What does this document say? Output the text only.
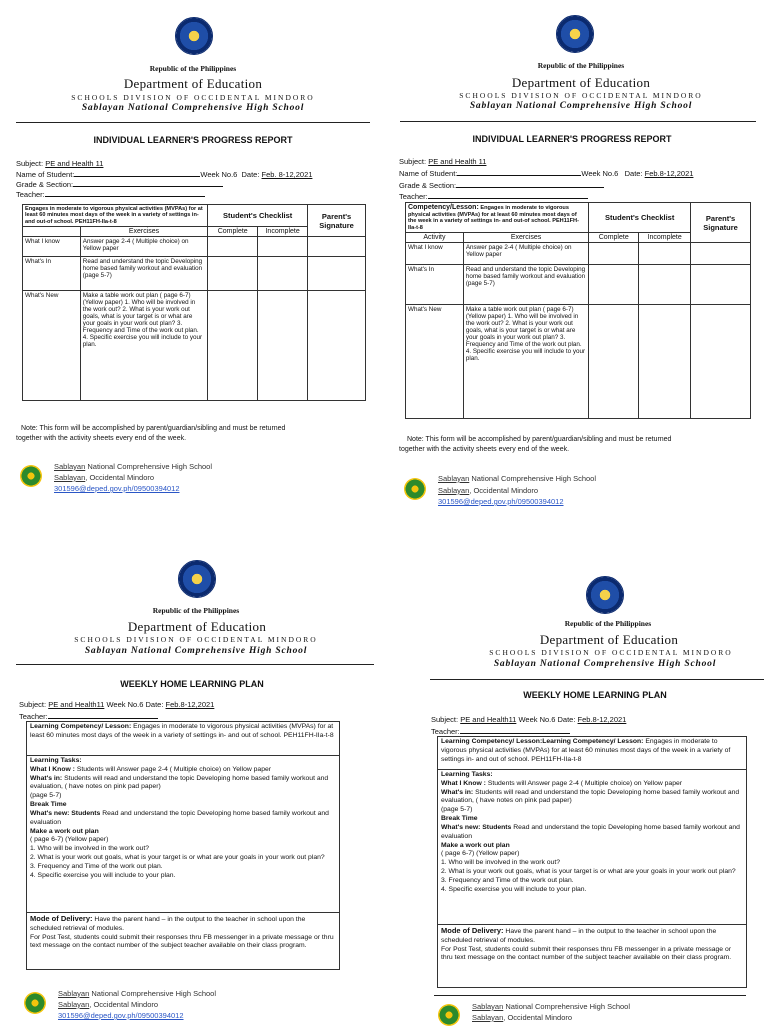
Republic of the Philippines
Department of Education
SCHOOLS DIVISION OF OCCIDENTAL MINDORO
Sablayan National Comprehensive High School
INDIVIDUAL LEARNER'S PROGRESS REPORT
Subject: PE and Health 11
Name of Student:	Week No.6 Date: Feb. 8-12,2021
Grade & Section:
Teacher:
Engages in moderate to vigorous physical activities (MVPAs) for at least 60 minutes most days of the week in a variety of settings in- and out-of school. PEH11FH-IIa-t-8		Student's Checklist		Parent's Signature
	Exercises	Complete	Incomplete	
What I know	Answer page 2-4 ( Multiple choice) on Yellow paper			
What's In	Read and understand the topic Developing home based family workout and evaluation (page 5-7)			
What's New	Make a table work out plan ( page 6-7) (Yellow paper) 1. Who will be involved in the work out? 2. What is your work out goals, what is your target is or what are your goals in your work out plan? 3. Frequency and Time of the work out plan. 4. Specific exercise you will include to your plan.			
Note: This form will be accomplished by parent/guardian/sibling and must be returned
together with the activity sheets every end of the week.
Sablayan National Comprehensive High School
Sablayan, Occidental Mindoro
301596@deped.gov.ph/09500394012
Republic of the Philippines
Department of Education
SCHOOLS DIVISION OF OCCIDENTAL MINDORO
Sablayan National Comprehensive High School
INDIVIDUAL LEARNER'S PROGRESS REPORT
Subject: PE and Health 11
Name of Student:	Week No.6 Date: Feb.8-12,2021
Grade & Section:
Teacher:
Competency/Lesson: Engages in moderate to vigorous physical activities (MVPAs) for at least 60 minutes most days of the week in a variety of settings in- and out-of school. PEH11FH-IIa-t-8		Student's Checklist		Parent's Signature
Activity	Exercises	Complete	Incomplete	
What I know	Answer page 2-4 ( Multiple choice) on Yellow paper			
What's In	Read and understand the topic Developing home based family workout and evaluation (page 5-7)			
What's New	Make a table work out plan ( page 6-7) (Yellow paper) 1. Who will be involved in the work out? 2. What is your work out goals, what is your target is or what are your goals in your work out plan? 3. Frequency and Time of the work out plan. 4. Specific exercise you will include to your plan.			
Note: This form will be accomplished by parent/guardian/sibling and must be returned
together with the activity sheets every end of the week.
Sablayan National Comprehensive High School
Sablayan, Occidental Mindoro
301596@deped.gov.ph/09500394012
Republic of the Philippines
Department of Education
SCHOOLS DIVISION OF OCCIDENTAL MINDORO
Sablayan National Comprehensive High School
WEEKLY HOME LEARNING PLAN
Subject: PE and Health11 Week No.6 Date: Feb.8-12,2021
Teacher:
Learning Competency/ Lesson: Engages in moderate to vigorous physical activities (MVPAs) for at least 60 minutes most days of the week in a variety of settings in- and out of school. PEH11FH-IIa-t-8

Learning Tasks:

What I Know : Students will Answer page 2-4 ( Multiple choice) on Yellow paper

What's in: Students will read and understand the topic Developing home based family workout and evaluation, ( have notes on pink pad paper)

(page 5-7)

Break Time

What's new: Students Read and understand the topic Developing home based family workout and evaluation

Make a work out plan

( page 6-7) (Yellow paper)

1. Who will be involved in the work out?

2. What is your work out goals, what is your target is or what are your goals in your work out plan?

3. Frequency and Time of the work out plan.

4. Specific exercise you will include to your plan.

Mode of Delivery: Have the parent hand – in the output to the teacher in school upon the scheduled retrieval of modules.

For Post Test, students could submit their responses thru FB messenger in a private message or thru text message on the contact number of the subject teacher available on their class program.

Sablayan National Comprehensive High School
Sablayan, Occidental Mindoro
301596@deped.gov.ph/09500394012
Republic of the Philippines
Department of Education
SCHOOLS DIVISION OF OCCIDENTAL MINDORO
Sablayan National Comprehensive High School
WEEKLY HOME LEARNING PLAN
Subject: PE and Health11 Week No.6 Date: Feb.8-12,2021
Teacher:
Learning Competency/ Lesson:Learning Competency/ Lesson: Engages in moderate to vigorous physical activities (MVPAs) for at least 60 minutes most days of the week in a variety of settings in- and out of school. PEH11FH-IIa-t-8

Learning Tasks:

What I Know : Students will Answer page 2-4 ( Multiple choice) on Yellow paper

What's in: Students will read and understand the topic Developing home based family workout and evaluation, ( have notes on pink pad paper)

(page 5-7)

Break Time

What's new: Students Read and understand the topic Developing home based family workout and evaluation

Make a work out plan

( page 6-7) (Yellow paper)

1. Who will be involved in the work out?

2. What is your work out goals, what is your target is or what are your goals in your work out plan?

3. Frequency and Time of the work out plan.

4. Specific exercise you will include to your plan.

Mode of Delivery: Have the parent hand – in the output to the teacher in school upon the scheduled retrieval of modules.

For Post Test, students could submit their responses thru FB messenger in a private message or thru text message on the contact number of the subject teacher available on their class program.

Sablayan National Comprehensive High School
Sablayan, Occidental Mindoro
